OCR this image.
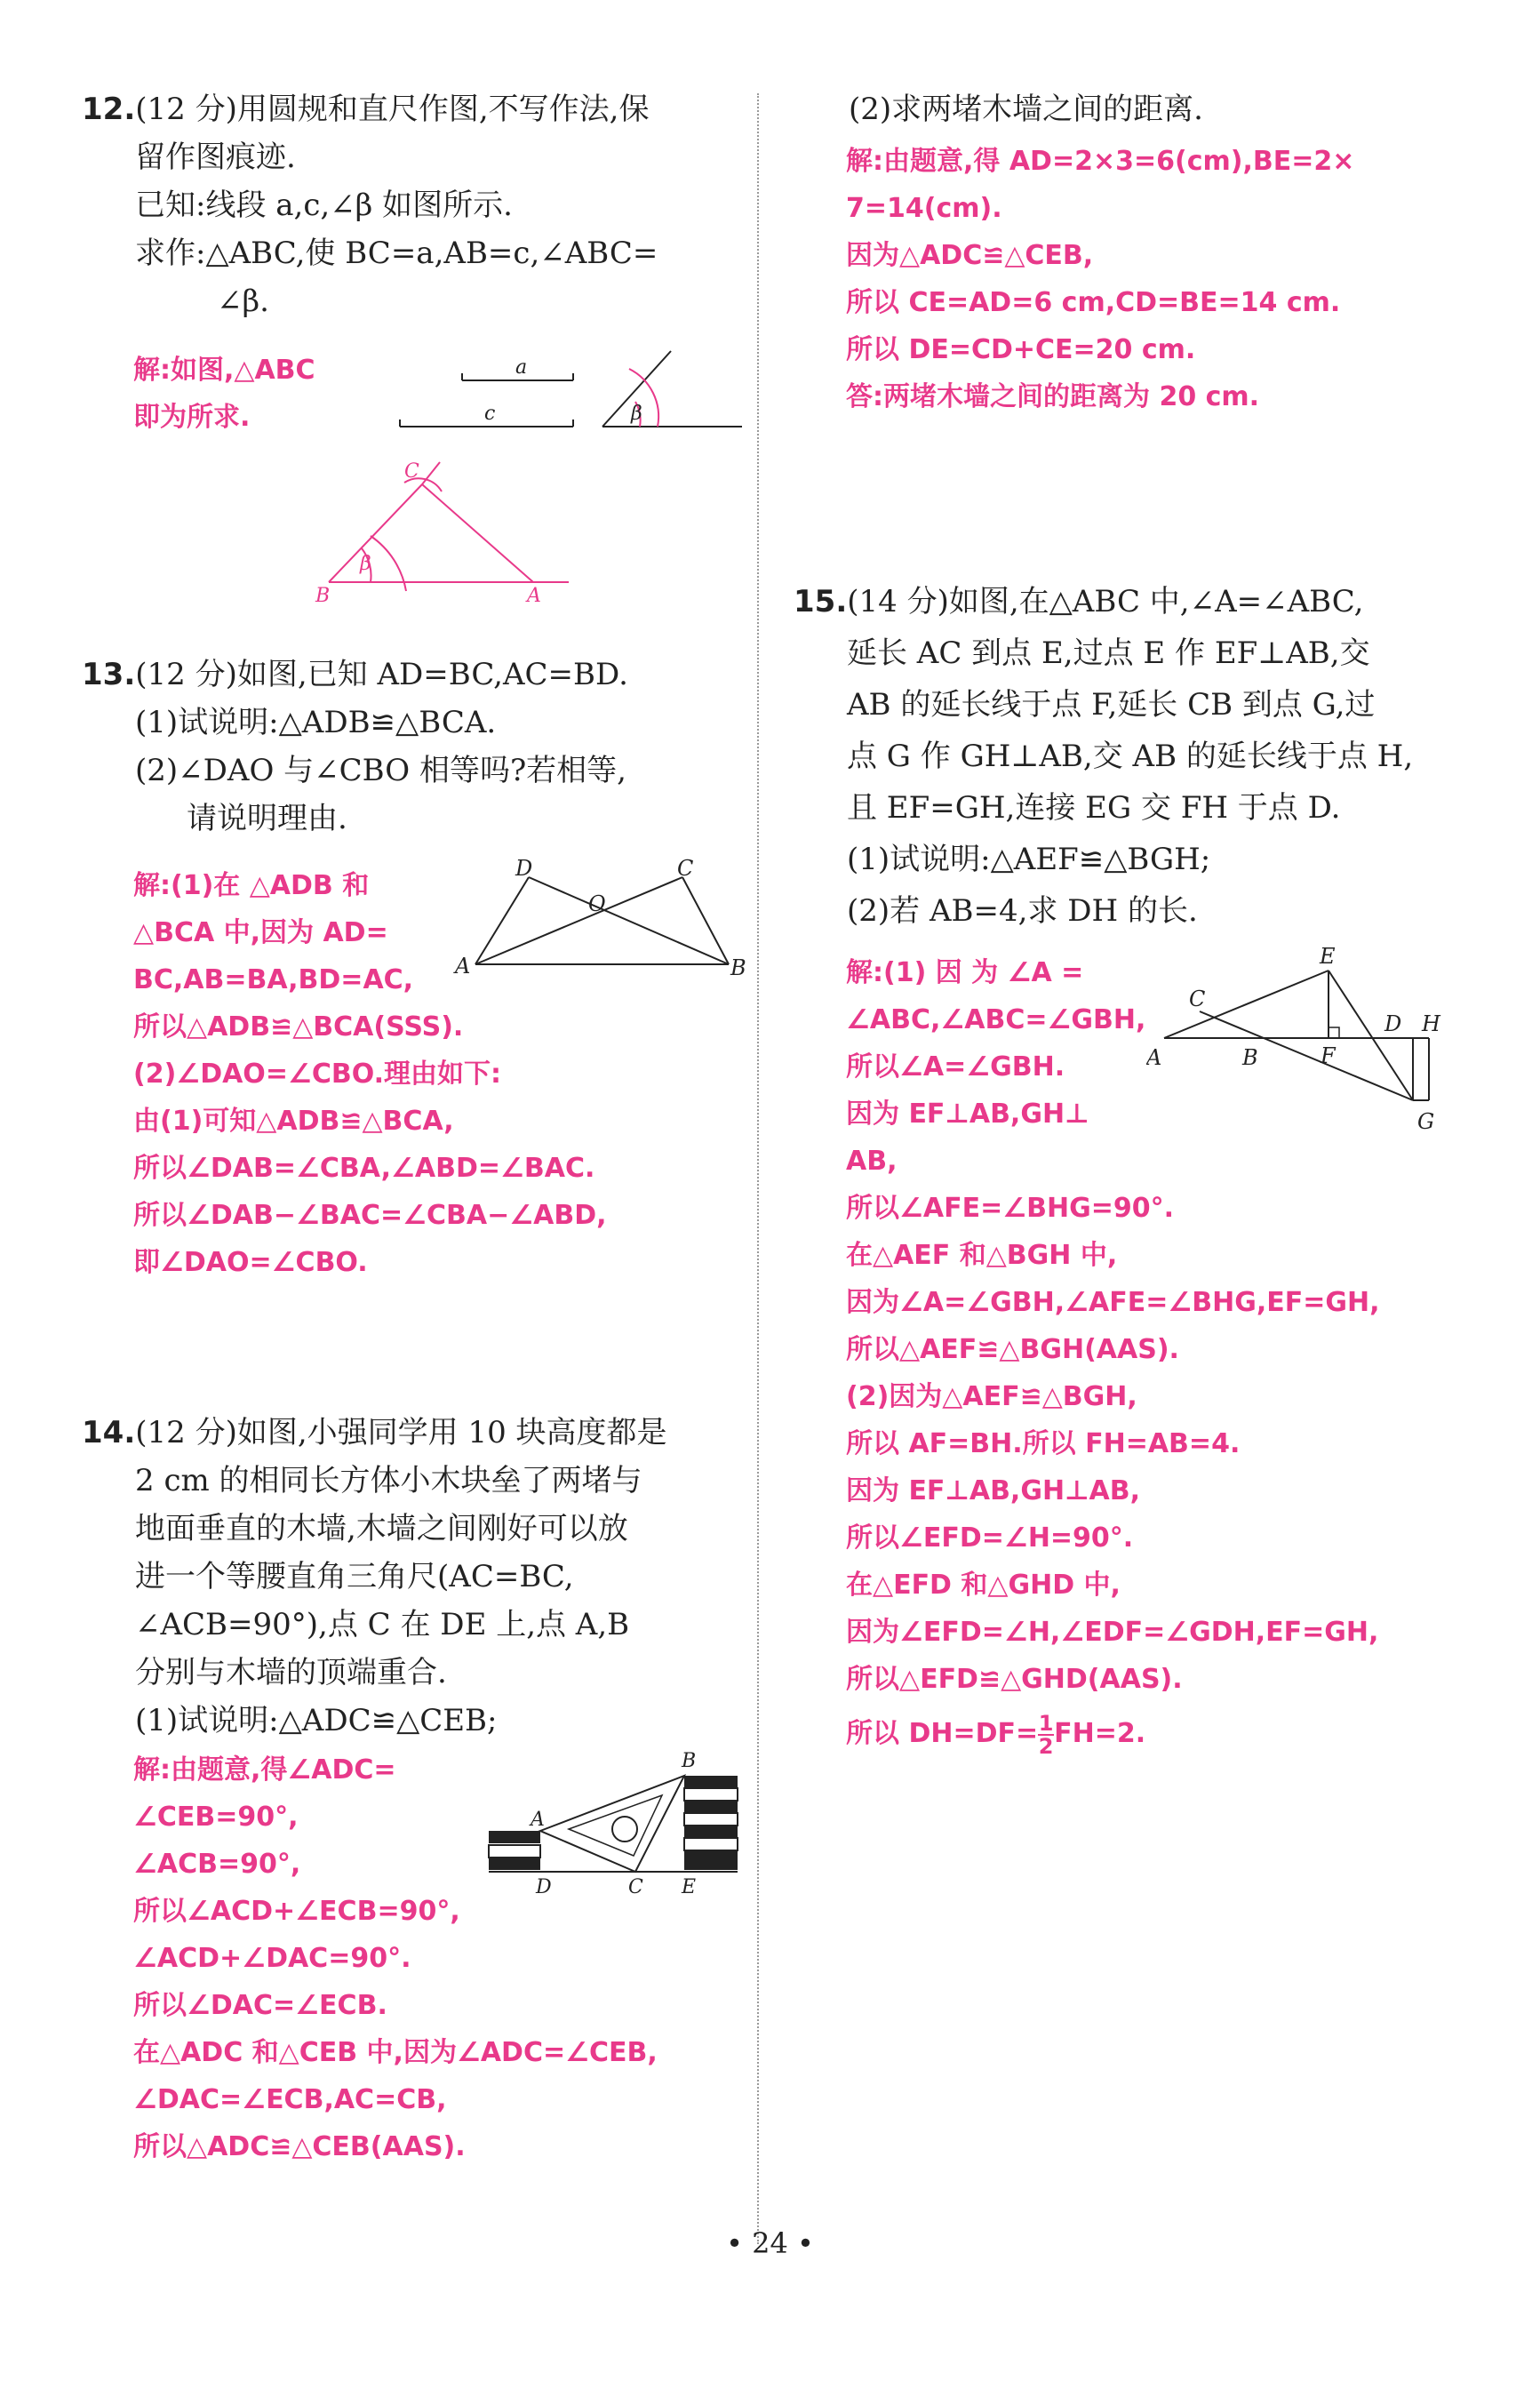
12.(12 分)用圆规和直尺作图,不写作法,保
留作图痕迹.
已知:线段 a,c,∠β 如图所示.
求作:△ABC,使 BC=a,AB=c,∠ABC=
∠β.
解:如图,△ABC
即为所求.
a
c	β
β
B	A
C
13.(12 分)如图,已知 AD=BC,AC=BD.
(1)试说明:△ADB≌△BCA.
(2)∠DAO 与∠CBO 相等吗?若相等,
请说明理由.
解:(1)在 △ADB 和
△BCA 中,因为 AD=
BC,AB=BA,BD=AC,
所以△ADB≌△BCA(SSS).
(2)∠DAO=∠CBO.理由如下:
由(1)可知△ADB≌△BCA,
所以∠DAB=∠CBA,∠ABD=∠BAC.
所以∠DAB−∠BAC=∠CBA−∠ABD,
即∠DAO=∠CBO.
A	B
D	C
O
14.(12 分)如图,小强同学用 10 块高度都是
2 cm 的相同长方体小木块垒了两堵与
地面垂直的木墙,木墙之间刚好可以放
进一个等腰直角三角尺(AC=BC,
∠ACB=90°),点 C 在 DE 上,点 A,B
分别与木墙的顶端重合.
(1)试说明:△ADC≌△CEB;
解:由题意,得∠ADC=
∠CEB=90°,
∠ACB=90°,
所以∠ACD+∠ECB=90°,
∠ACD+∠DAC=90°.
所以∠DAC=∠ECB.
在△ADC 和△CEB 中,因为∠ADC=∠CEB,
∠DAC=∠ECB,AC=CB,
所以△ADC≌△CEB(AAS).
A
B
C
D	E
(2)求两堵木墙之间的距离.
解:由题意,得 AD=2×3=6(cm),BE=2×
7=14(cm).
因为△ADC≌△CEB,
所以 CE=AD=6 cm,CD=BE=14 cm.
所以 DE=CD+CE=20 cm.
答:两堵木墙之间的距离为 20 cm.
15.(14 分)如图,在△ABC 中,∠A=∠ABC,
延长 AC 到点 E,过点 E 作 EF⊥AB,交
AB 的延长线于点 F,延长 CB 到点 G,过
点 G 作 GH⊥AB,交 AB 的延长线于点 H,
且 EF=GH,连接 EG 交 FH 于点 D.
(1)试说明:△AEF≌△BGH;
(2)若 AB=4,求 DH 的长.
解:(1) 因 为 ∠A =
∠ABC,∠ABC=∠GBH,
所以∠A=∠GBH.
因为 EF⊥AB,GH⊥
AB,
所以∠AFE=∠BHG=90°.
在△AEF 和△BGH 中,
因为∠A=∠GBH,∠AFE=∠BHG,EF=GH,
所以△AEF≌△BGH(AAS).
(2)因为△AEF≌△BGH,
所以 AF=BH.所以 FH=AB=4.
因为 EF⊥AB,GH⊥AB,
所以∠EFD=∠H=90°.
在△EFD 和△GHD 中,
因为∠EFD=∠H,∠EDF=∠GDH,EF=GH,
所以△EFD≌△GHD(AAS).
所以 $DH=DF= \frac{1}{2} FH=2$.
A	B
C
E
F
D H
G
• 24 •
